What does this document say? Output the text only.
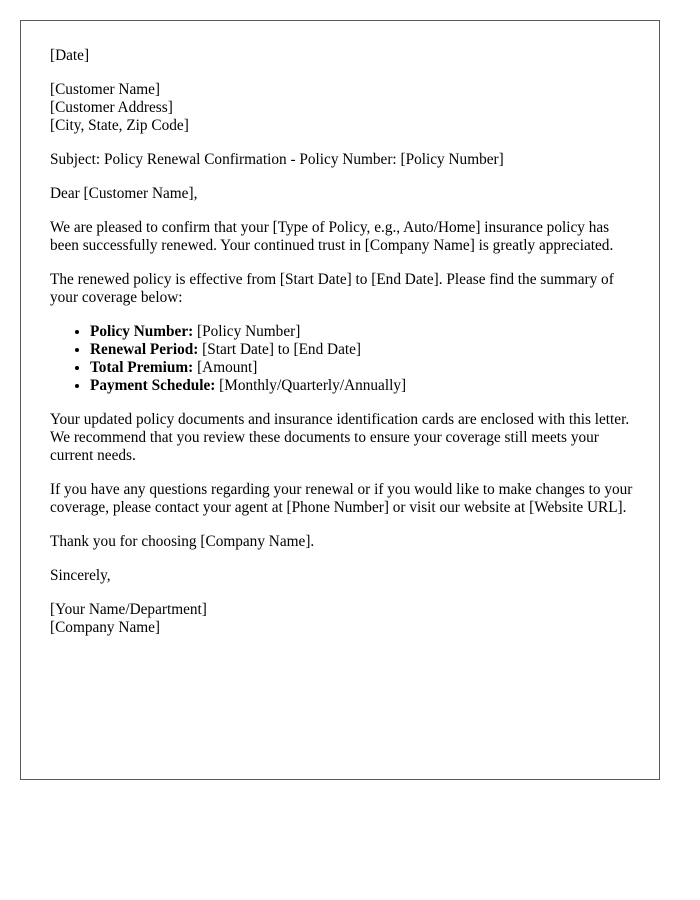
[Date]

[Customer Name]
[Customer Address]
[City, State, Zip Code]

Subject: Policy Renewal Confirmation - Policy Number: [Policy Number]

Dear [Customer Name],

We are pleased to confirm that your [Type of Policy, e.g., Auto/Home] insurance policy has been successfully renewed. Your continued trust in [Company Name] is greatly appreciated.

The renewed policy is effective from [Start Date] to [End Date]. Please find the summary of your coverage below:

• Policy Number: [Policy Number]
• Renewal Period: [Start Date] to [End Date]
• Total Premium: [Amount]
• Payment Schedule: [Monthly/Quarterly/Annually]

Your updated policy documents and insurance identification cards are enclosed with this letter. We recommend that you review these documents to ensure your coverage still meets your current needs.

If you have any questions regarding your renewal or if you would like to make changes to your coverage, please contact your agent at [Phone Number] or visit our website at [Website URL].

Thank you for choosing [Company Name].

Sincerely,

[Your Name/Department]
[Company Name]
